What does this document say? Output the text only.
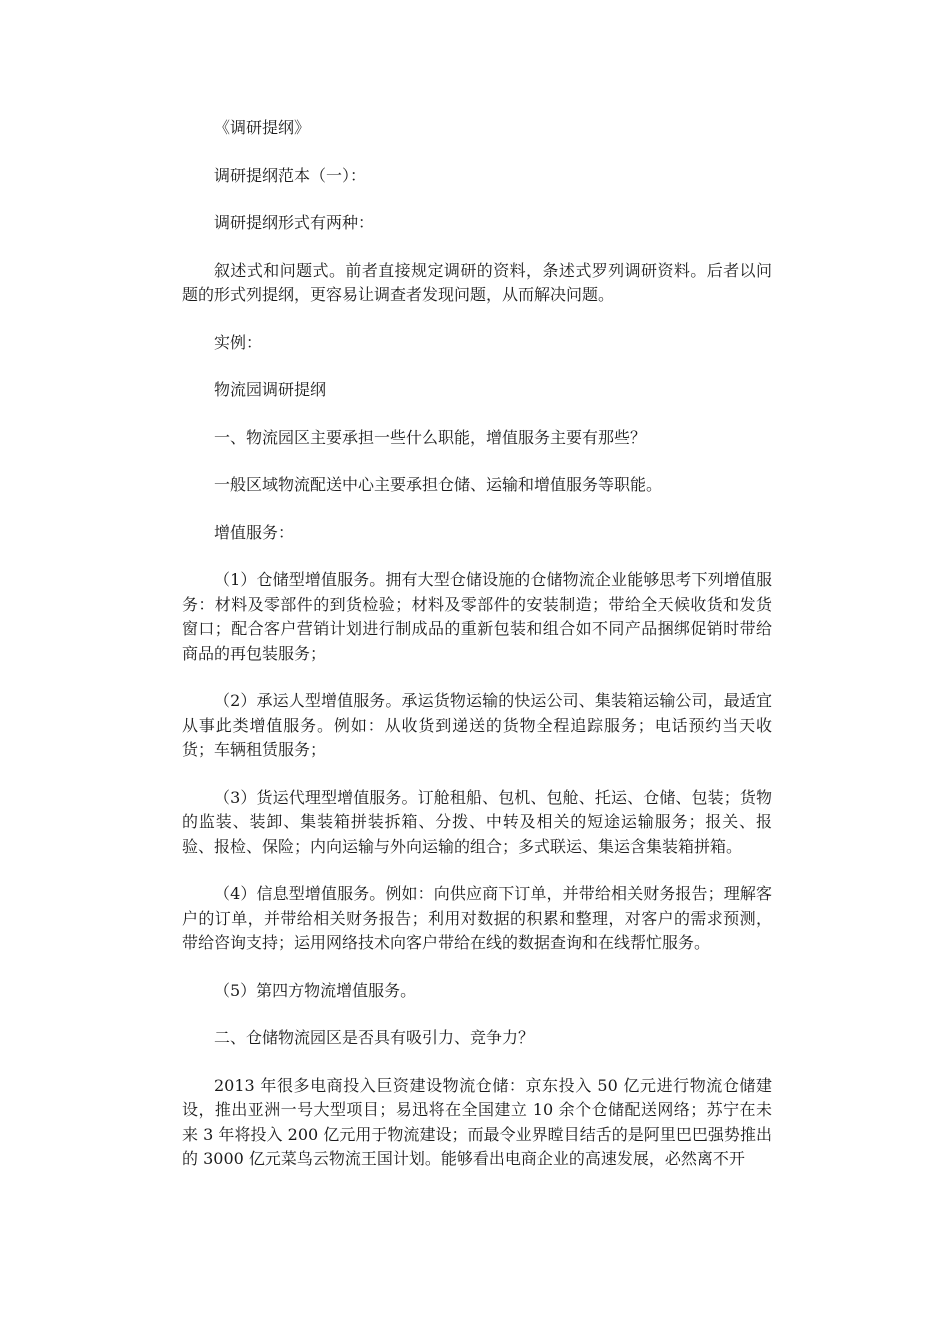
《调研提纲》

调研提纲范本（一）：

调研提纲形式有两种：

叙述式和问题式。前者直接规定调研的资料，条述式罗列调研资料。后者以问题的形式列提纲，更容易让调查者发现问题，从而解决问题。

实例：

物流园调研提纲

一、物流园区主要承担一些什么职能，增值服务主要有那些？

一般区域物流配送中心主要承担仓储、运输和增值服务等职能。

增值服务：

（1）仓储型增值服务。拥有大型仓储设施的仓储物流企业能够思考下列增值服务：材料及零部件的到货检验；材料及零部件的安装制造；带给全天候收货和发货窗口；配合客户营销计划进行制成品的重新包装和组合如不同产品捆绑促销时带给商品的再包装服务；

（2）承运人型增值服务。承运货物运输的快运公司、集装箱运输公司，最适宜从事此类增值服务。例如：从收货到递送的货物全程追踪服务；电话预约当天收货；车辆租赁服务；

（3）货运代理型增值服务。订舱租船、包机、包舱、托运、仓储、包装；货物的监装、装卸、集装箱拼装拆箱、分拨、中转及相关的短途运输服务；报关、报验、报检、保险；内向运输与外向运输的组合；多式联运、集运含集装箱拼箱。

（4）信息型增值服务。例如：向供应商下订单，并带给相关财务报告；理解客户的订单，并带给相关财务报告；利用对数据的积累和整理，对客户的需求预测，带给咨询支持；运用网络技术向客户带给在线的数据查询和在线帮忙服务。

（5）第四方物流增值服务。

二、仓储物流园区是否具有吸引力、竞争力？

2013 年很多电商投入巨资建设物流仓储：京东投入 50 亿元进行物流仓储建设，推出亚洲一号大型项目；易迅将在全国建立 10 余个仓储配送网络；苏宁在未来 3 年将投入 200 亿元用于物流建设；而最令业界瞠目结舌的是阿里巴巴强势推出的 3000 亿元菜鸟云物流王国计划。能够看出电商企业的高速发展，必然离不开
